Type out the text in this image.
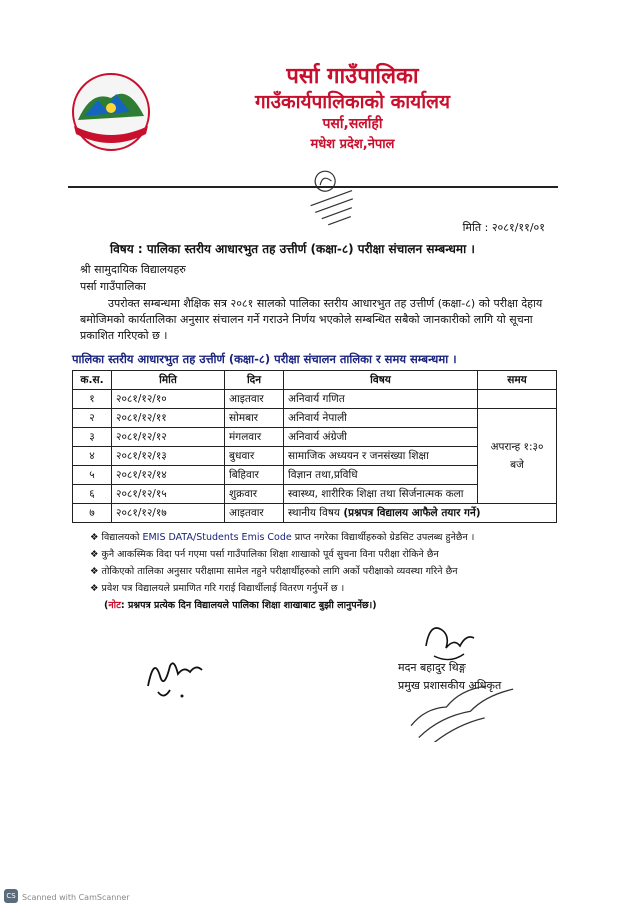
पर्सा गाउँपालिका
गाउँकार्यपालिकाको कार्यालय
पर्सा,सर्लाही
मधेश प्रदेश,नेपाल
मिति : २०८१/११/०१
विषय : पालिका स्तरीय आधारभुत तह उत्तीर्ण (कक्षा-८) परीक्षा संचालन सम्बन्धमा ।
श्री सामुदायिक विद्यालयहरु
पर्सा गाउँपालिका
उपरोक्त सम्बन्धमा शैक्षिक सत्र २०८१ सालको पालिका स्तरीय आधारभुत तह उत्तीर्ण (कक्षा-८) को परीक्षा देहाय बमोजिमको कार्यतालिका अनुसार संचालन गर्ने गराउने निर्णय भएकोले सम्बन्धित सबैको जानकारीको लागि यो सूचना प्रकाशित गरिएको छ ।
पालिका स्तरीय आधारभुत तह उत्तीर्ण (कक्षा-८) परीक्षा संचालन तालिका र समय सम्बन्धमा ।
क.स.	मिति	दिन	विषय	समय
१	२०८१/१२/१०	आइतवार	अनिवार्य गणित	
२	२०८१/१२/११	सोमबार	अनिवार्य नेपाली	अपरान्ह १:३० बजे
३	२०८१/१२/१२	मंगलवार	अनिवार्य अंग्रेजी	
४	२०८१/१२/१३	बुधवार	सामाजिक अध्ययन र जनसंख्या शिक्षा	
५	२०८१/१२/१४	बिहिवार	विज्ञान तथा,प्रविधि	
६	२०८१/१२/१५	शुक्रवार	स्वास्थ्य, शारीरिक शिक्षा तथा सिर्जनात्मक कला	
७	२०८१/१२/१७	आइतवार	स्थानीय विषय (प्रश्नपत्र विद्यालय आफैले तयार गर्ने)	
❖ विद्यालयको EMIS DATA/Students Emis Code प्राप्त नगरेका विद्यार्थीहरुको ग्रेडसिट उपलब्ध हुनेछैन ।
❖ कुनै आकस्मिक विदा पर्न गएमा पर्सा गाउँपालिका शिक्षा शाखाको पूर्व सुचना विना परीक्षा रोकिने छैन
❖ तोकिएको तालिका अनुसार परीक्षामा सामेल नहुने परीक्षार्थीहरुको लागि अर्को परीक्षाको व्यवस्था गरिने छैन
❖ प्रवेश पत्र विद्यालयले प्रमाणित गरि गराई विद्यार्थीलाई वितरण गर्नुपर्ने छ ।
(नोट: प्रश्नपत्र प्रत्येक दिन विद्यालयले पालिका शिक्षा शाखाबाट बुझी लानुपर्नेछ।)
मदन बहादुर थिङ्ग
प्रमुख प्रशासकीय अधिकृत
CS Scanned with CamScanner
